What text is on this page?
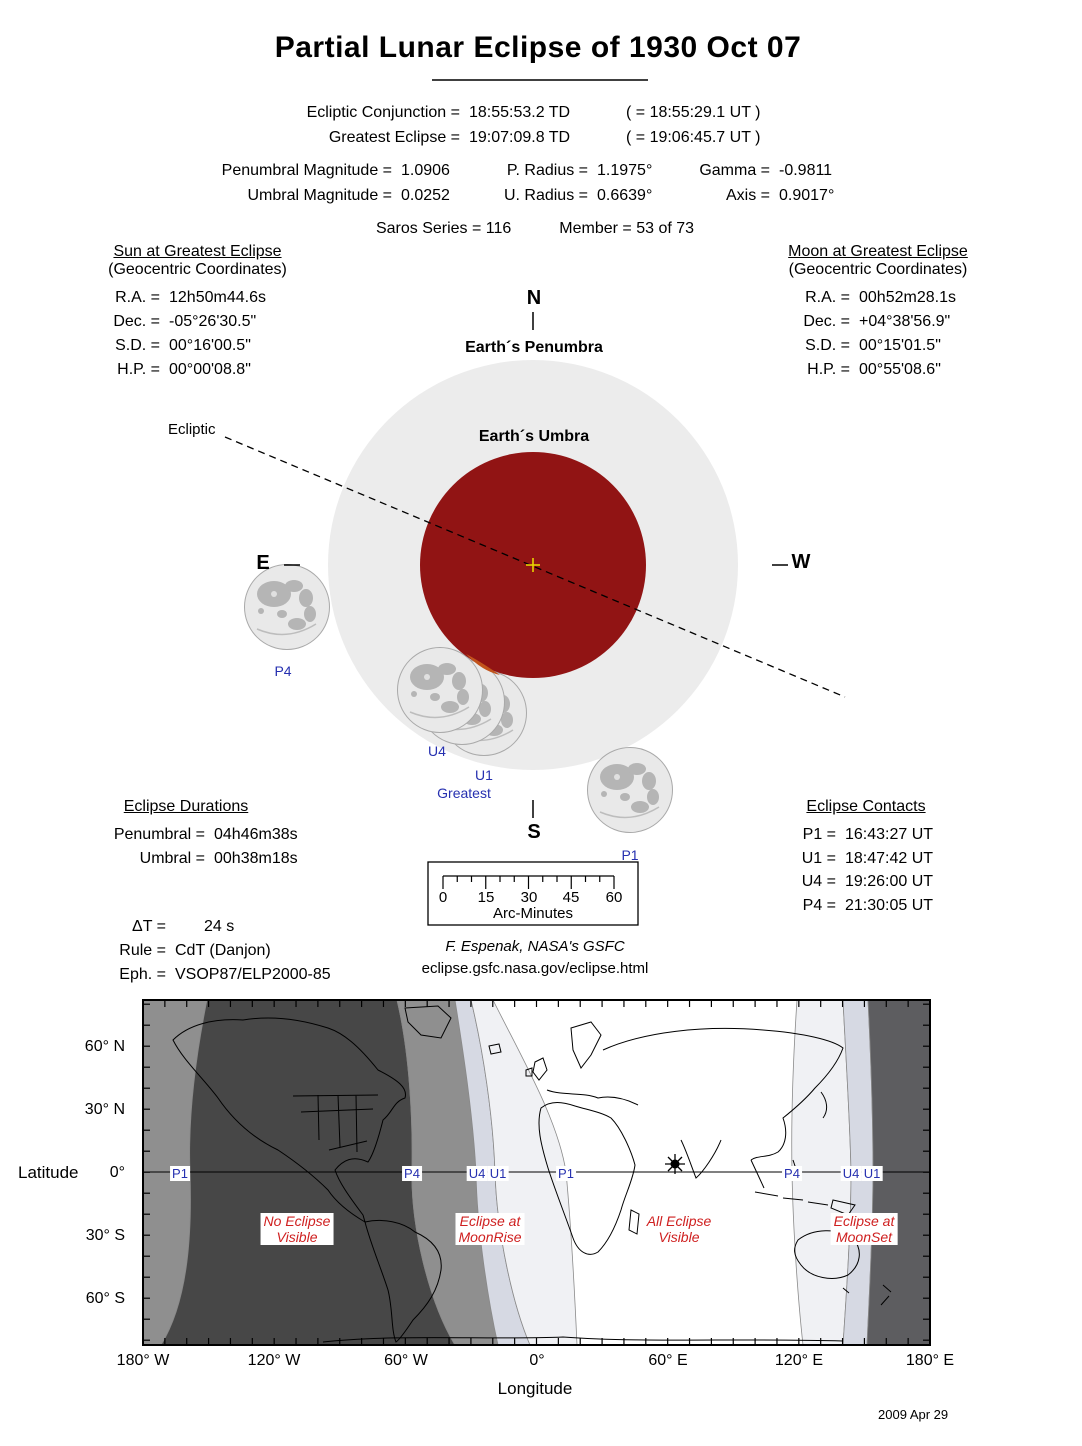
Partial Lunar Eclipse of 1930 Oct 07
Ecliptic Conjunction = 18:55:53.2 TD	( = 18:55:29.1 UT )
Greatest Eclipse = 19:07:09.8 TD	( = 19:06:45.7 UT )
Penumbral Magnitude = 1.0906
Umbral Magnitude = 0.0252
P. Radius = 1.1975°
U. Radius = 0.6639°
Gamma = -0.9811
Axis = 0.9017°
Saros Series = 116	Member = 53 of 73
Sun at Greatest Eclipse
(Geocentric Coordinates)
R.A. = 12h50m44.6s
Dec. = -05°26'30.5"
S.D. = 00°16'00.5"
H.P. = 00°00'08.8"
Moon at Greatest Eclipse
(Geocentric Coordinates)
R.A. = 00h52m28.1s
Dec. = +04°38'56.9"
S.D. = 00°15'01.5"
H.P. = 00°55'08.6"
N
S
E	W
Earth´s Penumbra
Earth´s Umbra
Ecliptic
P4
U4
U1
Greatest
P1
Eclipse Durations
Penumbral = 04h46m38s
Umbral = 00h38m18s
Eclipse Contacts
P1 = 16:43:27 UT
U1 = 18:47:42 UT
U4 = 19:26:00 UT
P4 = 21:30:05 UT
ΔT =	24 s
Rule = CdT (Danjon)
Eph. = VSOP87/ELP2000-85
0 15 30 45 60
Arc-Minutes
F. Espenak, NASA's GSFC
eclipse.gsfc.nasa.gov/eclipse.html
Latitude
60° N
30° N
0°
30° S
60° S
180° W	120° W	60° W	0°	60° E	120° E	180° E
Longitude
P1	P4	U4 U1	P1	P4	U4 U1
No Eclipse
Visible
Eclipse at
MoonRise
All Eclipse
Visible
Eclipse at
MoonSet
2009 Apr 29
